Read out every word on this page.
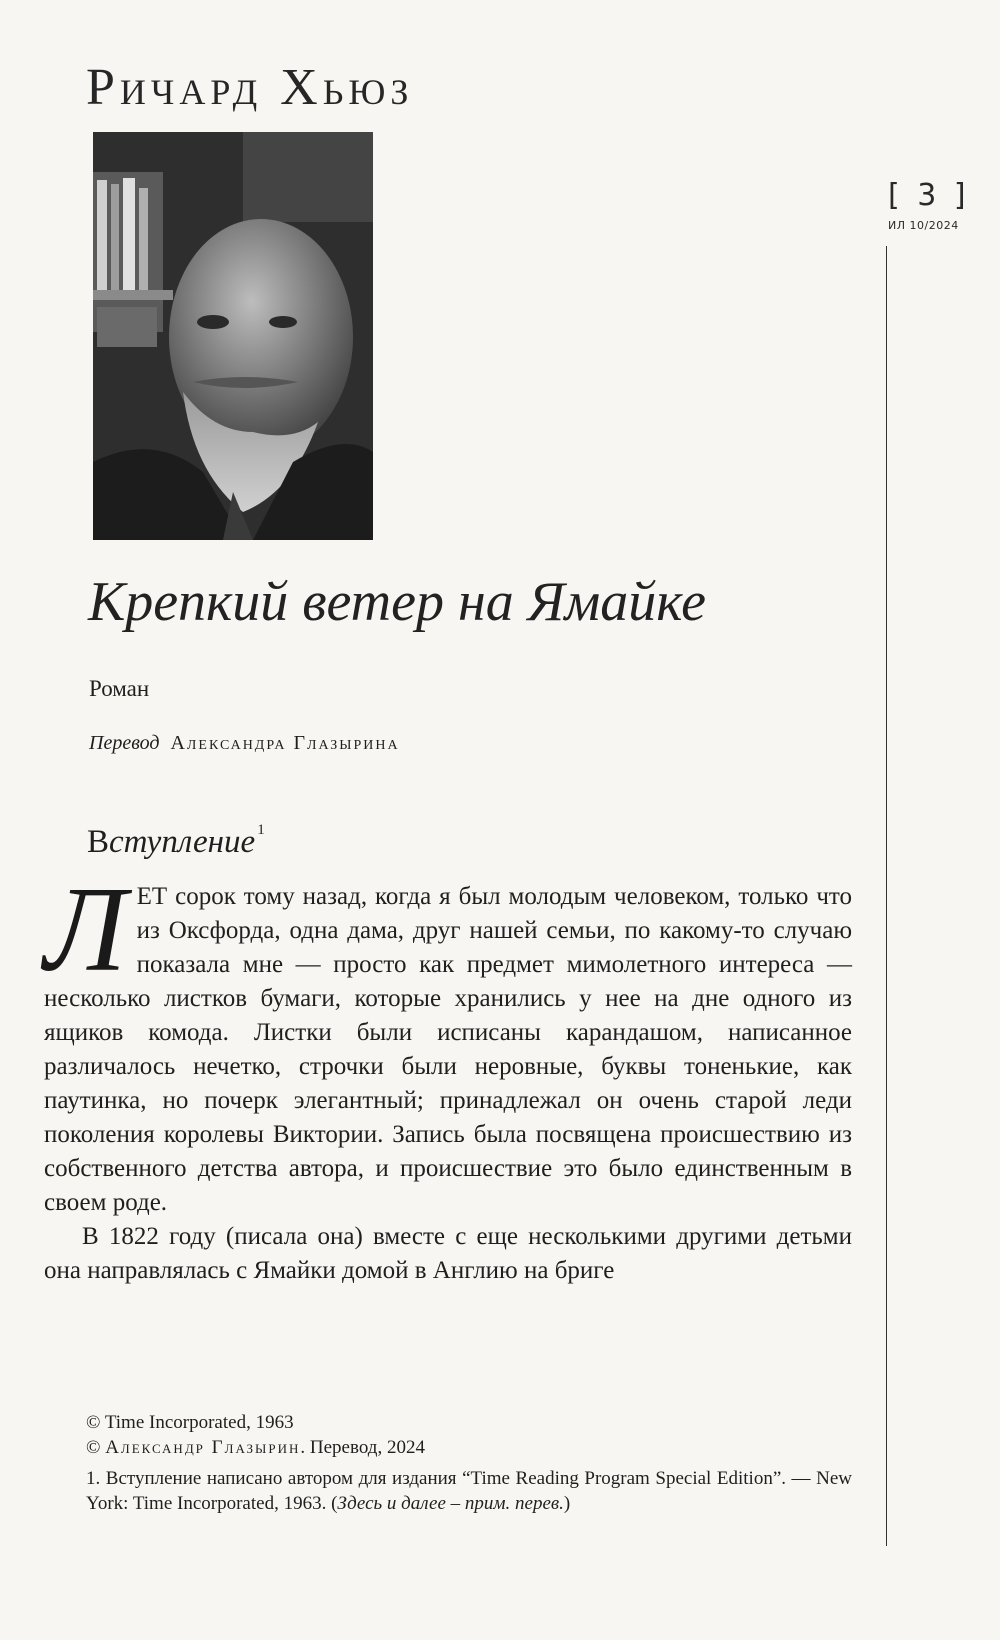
Ричард Хьюз
[ 3 ]
ИЛ 10/2024
Крепкий ветер на Ямайке
Роман
Перевод Александра Глазырина
Вступление $^1$

ЛЕТ сорок тому назад, когда я был молодым человеком, только что из Оксфорда, одна дама, друг нашей семьи, по какому-то случаю показала мне — просто как предмет мимолетного интереса — несколько листков бумаги, которые хранились у нее на дне одного из ящиков комода. Листки были исписаны карандашом, написанное различалось нечетко, строчки были неровные, буквы тоненькие, как паутинка, но почерк элегантный; принадлежал он очень старой леди поколения королевы Виктории. Запись была посвящена происшествию из собственного детства автора, и происшествие это было единственным в своем роде.

В 1822 году (писала она) вместе с еще несколькими другими детьми она направлялась с Ямайки домой в Англию на бриге

© Time Incorporated, 1963
© Александр Глазырин. Перевод, 2024
1. Вступление написано автором для издания “Time Reading Program Special Edition”. — New York: Time Incorporated, 1963. (Здесь и далее – прим. перев.)
